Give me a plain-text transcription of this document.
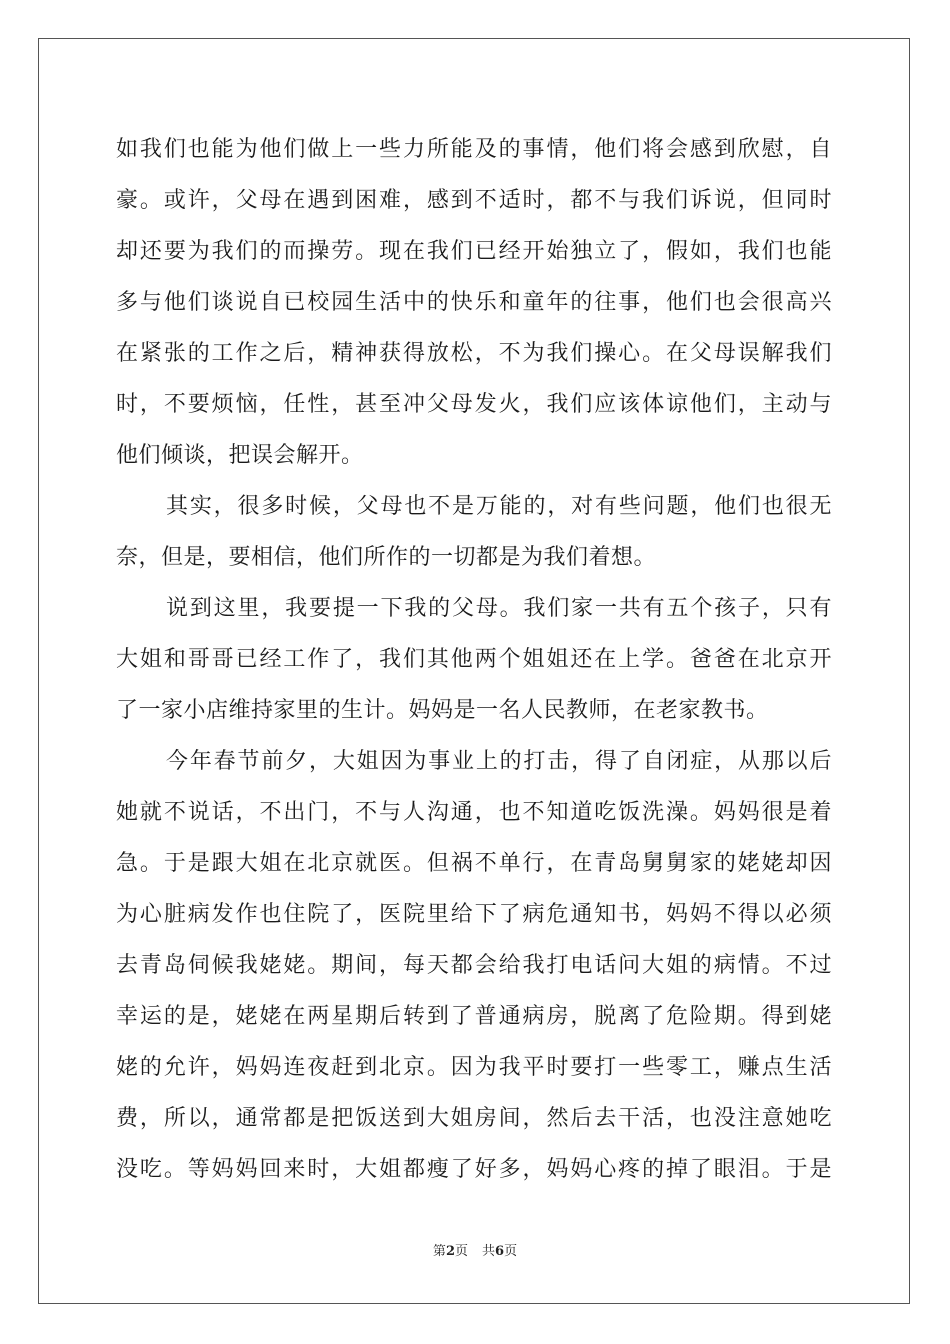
如我们也能为他们做上一些力所能及的事情，他们将会感到欣慰，自
豪。或许，父母在遇到困难，感到不适时，都不与我们诉说，但同时
却还要为我们的而操劳。现在我们已经开始独立了，假如，我们也能
多与他们谈说自已校园生活中的快乐和童年的往事，他们也会很高兴
在紧张的工作之后，精神获得放松，不为我们操心。在父母误解我们
时，不要烦恼，任性，甚至冲父母发火，我们应该体谅他们，主动与
他们倾谈，把误会解开。
其实，很多时候，父母也不是万能的，对有些问题，他们也很无
奈，但是，要相信，他们所作的一切都是为我们着想。
说到这里，我要提一下我的父母。我们家一共有五个孩子，只有
大姐和哥哥已经工作了，我们其他两个姐姐还在上学。爸爸在北京开
了一家小店维持家里的生计。妈妈是一名人民教师，在老家教书。
今年春节前夕，大姐因为事业上的打击，得了自闭症，从那以后
她就不说话，不出门，不与人沟通，也不知道吃饭洗澡。妈妈很是着
急。于是跟大姐在北京就医。但祸不单行，在青岛舅舅家的姥姥却因
为心脏病发作也住院了，医院里给下了病危通知书，妈妈不得以必须
去青岛伺候我姥姥。期间，每天都会给我打电话问大姐的病情。不过
幸运的是，姥姥在两星期后转到了普通病房，脱离了危险期。得到姥
姥的允许，妈妈连夜赶到北京。因为我平时要打一些零工，赚点生活
费，所以，通常都是把饭送到大姐房间，然后去干活，也没注意她吃
没吃。等妈妈回来时，大姐都瘦了好多，妈妈心疼的掉了眼泪。于是
第2页 共6页
